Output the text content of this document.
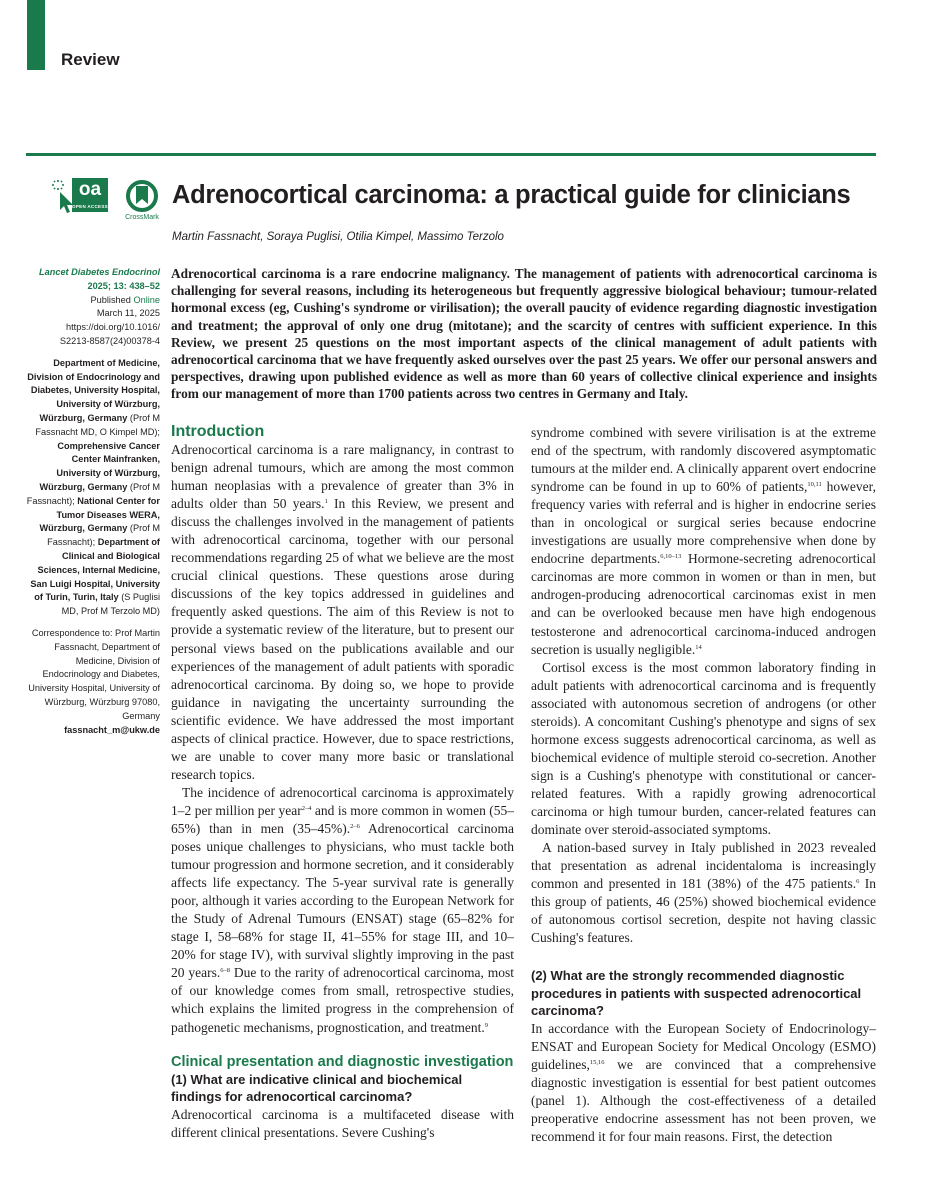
Review
oa
OPEN ACCESS
CrossMark
Adrenocortical carcinoma: a practical guide for clinicians
Martin Fassnacht, Soraya Puglisi, Otilia Kimpel, Massimo Terzolo
Lancet Diabetes Endocrinol
2025; 13: 438–52
Published Online
March 11, 2025
https://doi.org/10.1016/
S2213-8587(24)00378-4
Department of Medicine, Division of Endocrinology and Diabetes, University Hospital, University of Würzburg, Würzburg, Germany (Prof M Fassnacht MD, O Kimpel MD); Comprehensive Cancer Center Mainfranken, University of Würzburg, Würzburg, Germany (Prof M Fassnacht); National Center for Tumor Diseases WERA, Würzburg, Germany (Prof M Fassnacht); Department of Clinical and Biological Sciences, Internal Medicine, San Luigi Hospital, University of Turin, Turin, Italy (S Puglisi MD, Prof M Terzolo MD)
Correspondence to: Prof Martin Fassnacht, Department of Medicine, Division of Endocrinology and Diabetes, University Hospital, University of Würzburg, Würzburg 97080, Germany
fassnacht_m@ukw.de
Adrenocortical carcinoma is a rare endocrine malignancy. The management of patients with adrenocortical carcinoma is challenging for several reasons, including its heterogeneous but frequently aggressive biological behaviour; tumour-related hormonal excess (eg, Cushing's syndrome or virilisation); the overall paucity of evidence regarding diagnostic investigation and treatment; the approval of only one drug (mitotane); and the scarcity of centres with sufficient experience. In this Review, we present 25 questions on the most important aspects of the clinical management of adult patients with adrenocortical carcinoma that we have frequently asked ourselves over the past 25 years. We offer our personal answers and perspectives, drawing upon published evidence as well as more than 60 years of collective clinical experience and insights from our management of more than 1700 patients across two centres in Germany and Italy.
Introduction

Adrenocortical carcinoma is a rare malignancy, in contrast to benign adrenal tumours, which are among the most common human neoplasias with a prevalence of greater than 3% in adults older than 50 years.$^1$ In this Review, we present and discuss the challenges involved in the management of patients with adrenocortical carcinoma, together with our personal recommendations regarding 25 of what we believe are the most crucial clinical questions. These questions arose during discussions of the key topics addressed in guidelines and frequently asked questions. The aim of this Review is not to provide a systematic review of the literature, but to present our personal views based on the publications available and our experiences of the management of adult patients with sporadic adrenocortical carcinoma. By doing so, we hope to provide guidance in navigating the uncertainty surrounding the scientific evidence. We have addressed the most important aspects of clinical practice. However, due to space restrictions, we are unable to cover many more basic or translational research topics.

The incidence of adrenocortical carcinoma is approximately 1–2 per million per year$^{2-4}$ and is more common in women (55–65%) than in men (35–45%).$^{2-6}$ Adrenocortical carcinoma poses unique challenges to physicians, who must tackle both tumour progression and hormone secretion, and it considerably affects life expectancy. The 5-year survival rate is generally poor, although it varies according to the European Network for the Study of Adrenal Tumours (ENSAT) stage (65–82% for stage I, 58–68% for stage II, 41–55% for stage III, and 10–20% for stage IV), with survival slightly improving in the past 20 years.$^{6-8}$ Due to the rarity of adrenocortical carcinoma, most of our knowledge comes from small, retrospective studies, which explains the limited progress in the comprehension of pathogenetic mechanisms, prognostication, and treatment.$^9$

Clinical presentation and diagnostic investigation
(1) What are indicative clinical and biochemical findings for adrenocortical carcinoma?

Adrenocortical carcinoma is a multifaceted disease with different clinical presentations. Severe Cushing's

syndrome combined with severe virilisation is at the extreme end of the spectrum, with randomly discovered asymptomatic tumours at the milder end. A clinically apparent overt endocrine syndrome can be found in up to 60% of patients,$^{10,11}$ however, frequency varies with referral and is higher in endocrine series than in oncological or surgical series because endocrine investigations are usually more comprehensive when done by endocrine departments.$^{6,10-13}$ Hormone-secreting adrenocortical carcinomas are more common in women or than in men, but androgen-producing adrenocortical carcinomas exist in men and can be overlooked because men have high endogenous testosterone and adrenocortical carcinoma-induced androgen secretion is usually negligible.$^{14}$

Cortisol excess is the most common laboratory finding in adult patients with adrenocortical carcinoma and is frequently associated with autonomous secretion of androgens (or other steroids). A concomitant Cushing's phenotype and signs of sex hormone excess suggests adrenocortical carcinoma, as well as biochemical evidence of multiple steroid co-secretion. Another sign is a Cushing's phenotype with constitutional or cancer-related features. With a rapidly growing adrenocortical carcinoma or high tumour burden, cancer-related features can dominate over steroid-associated symptoms.

A nation-based survey in Italy published in 2023 revealed that presentation as adrenal incidentaloma is increasingly common and presented in 181 (38%) of the 475 patients.$^6$ In this group of patients, 46 (25%) showed biochemical evidence of autonomous cortisol secretion, despite not having classic Cushing's features.

(2) What are the strongly recommended diagnostic procedures in patients with suspected adrenocortical carcinoma?

In accordance with the European Society of Endocrinology–ENSAT and European Society for Medical Oncology (ESMO) guidelines,$^{15,16}$ we are convinced that a comprehensive diagnostic investigation is essential for best patient outcomes (panel 1). Although the cost-effectiveness of a detailed preoperative endocrine assessment has not been proven, we recommend it for four main reasons. First, the detection
